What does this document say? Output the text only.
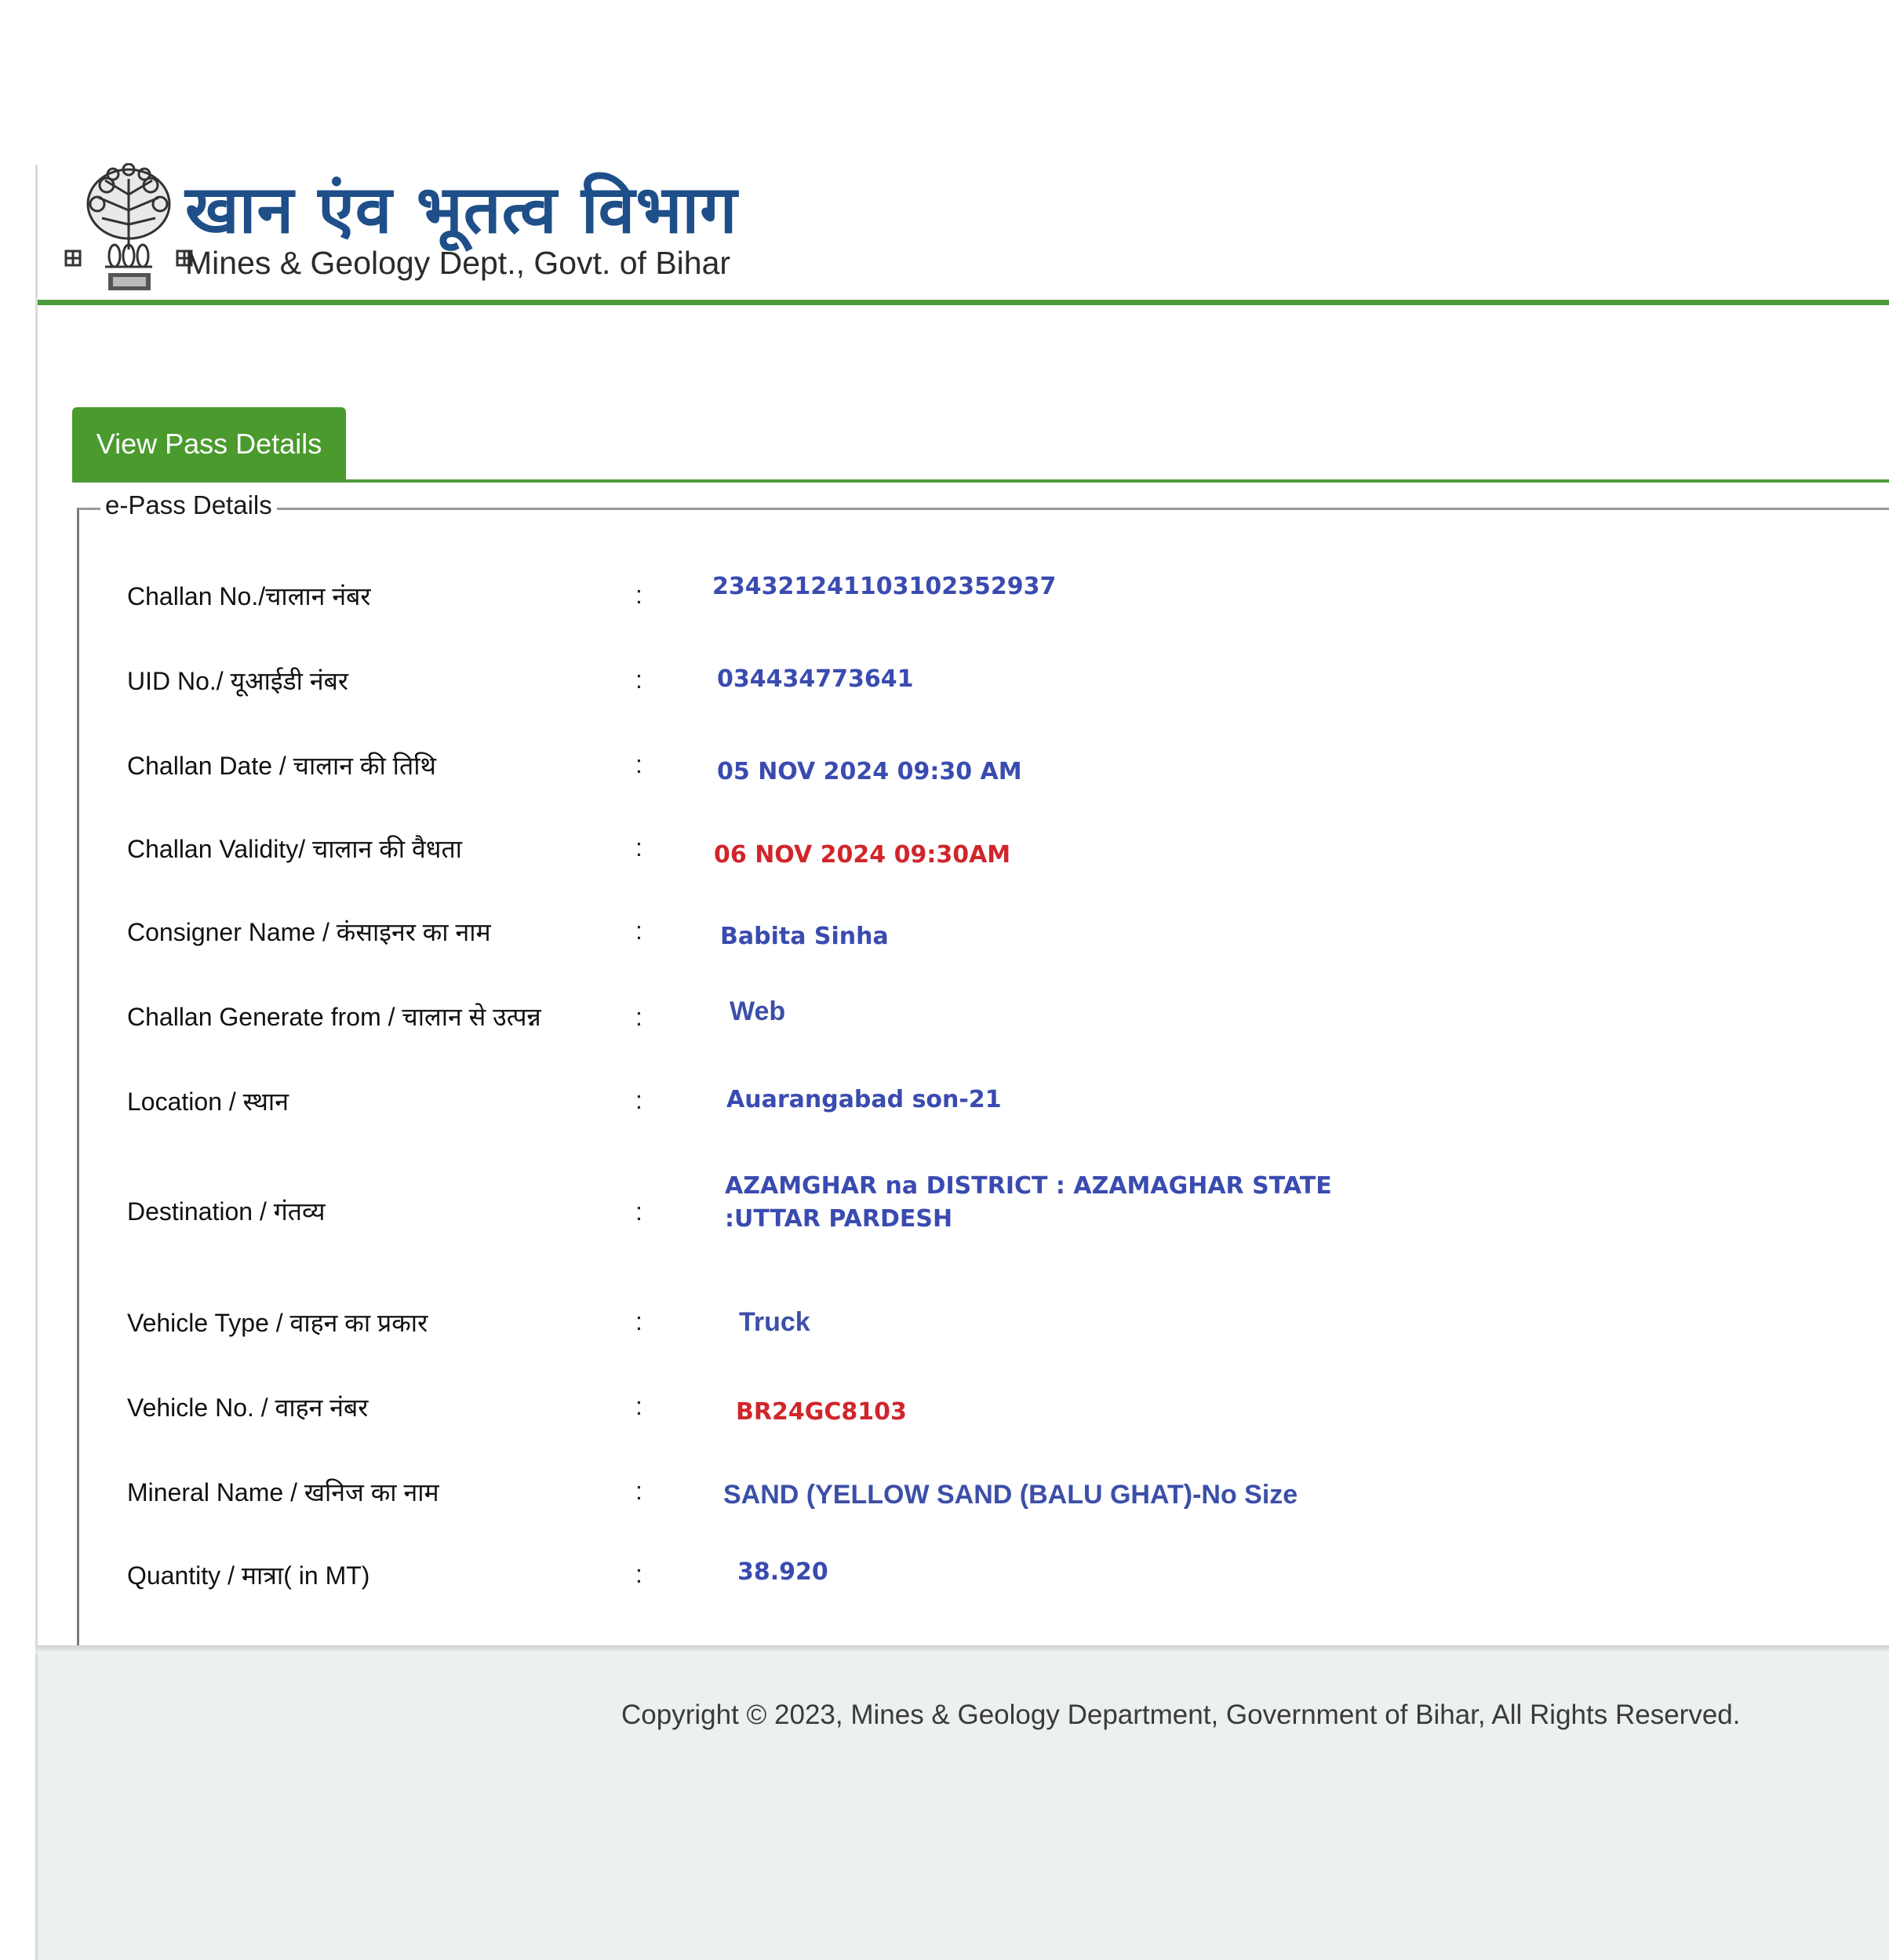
खान एंव भूतत्व विभाग
Mines & Geology Dept., Govt. of Bihar
View Pass Details
e-Pass Details
Challan No./चालान नंबर	:	234321241103102352937
UID No./ यूआईडी नंबर	:	034434773641
Challan Date / चालान की तिथि	:	05 NOV 2024 09:30 AM
Challan Validity/ चालान की वैधता	:	06 NOV 2024 09:30AM
Consigner Name / कंसाइनर का नाम	:	Babita Sinha
Challan Generate from / चालान से उत्पन्न	:	Web
Location / स्थान	:	Auarangabad son-21
Destination / गंतव्य	:
AZAMGHAR na DISTRICT : AZAMAGHAR STATE
:UTTAR PARDESH
Vehicle Type / वाहन का प्रकार	:	Truck
Vehicle No. / वाहन नंबर	:	BR24GC8103
Mineral Name / खनिज का नाम	:	SAND (YELLOW SAND (BALU GHAT)-No Size
Quantity / मात्रा( in MT)	:	38.920
Copyright © 2023, Mines & Geology Department, Government of Bihar, All Rights Reserved.
